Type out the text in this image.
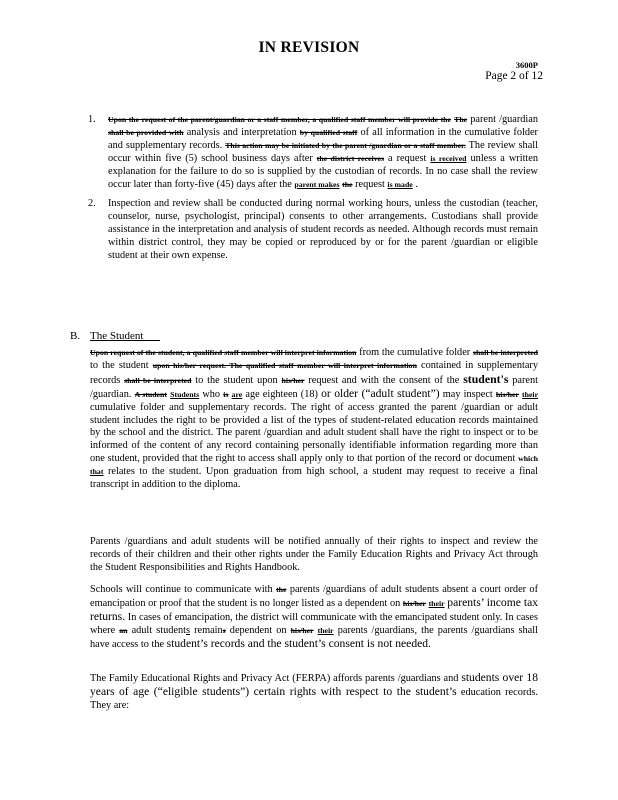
IN REVISION
3600P
Page 2 of 12
1. Upon the request of the parent/guardian or a staff member, a qualified staff member will provide the The parent /guardian shall be provided with analysis and interpretation by qualified staff of all information in the cumulative folder and supplementary records. This action may be initiated by the parent /guardian or a staff member. The review shall occur within five (5) school business days after the district receives a request is received unless a written explanation for the failure to do so is supplied by the custodian of records. In no case shall the review occur later than forty-five (45) days after the parent makes the request is made .
2. Inspection and review shall be conducted during normal working hours, unless the custodian (teacher, counselor, nurse, psychologist, principal) consents to other arrangements. Custodians shall provide assistance in the interpretation and analysis of student records as needed. Although records must remain within district control, they may be copied or reproduced by or for the parent /guardian or eligible student at their own expense.
B. The Student
Upon request of the student, a qualified staff member will interpret information from the cumulative folder shall be interpreted to the student upon his/her request. The qualified staff member will interpret information contained in supplementary records shall be interpreted to the student upon his/her request and with the consent of the student's parent /guardian. A student Students who is are age eighteen (18) or older (“adult student”) may inspect his/her their cumulative folder and supplementary records. The right of access granted the parent /guardian or adult student includes the right to be provided a list of the types of student-related education records maintained by the school and the district. The parent /guardian and adult student shall have the right to inspect or to be informed of the content of any record containing personally identifiable information regarding more than one student, provided that the right to access shall apply only to that portion of the record or document which that relates to the student. Upon graduation from high school, a student may request to receive a final transcript in addition to the diploma.
Parents /guardians and adult students will be notified annually of their rights to inspect and review the records of their children and their other rights under the Family Education Rights and Privacy Act through the Student Responsibilities and Rights Handbook.
Schools will continue to communicate with the parents /guardians of adult students absent a court order of emancipation or proof that the student is no longer listed as a dependent on his/her their parents’ income tax returns. In cases of emancipation, the district will communicate with the emancipated student only. In cases where an adult students remains dependent on his/her their parents /guardians, the parents /guardians shall have access to the student’s records and the student’s consent is not needed.
The Family Educational Rights and Privacy Act (FERPA) affords parents /guardians and students over 18 years of age (“eligible students”) certain rights with respect to the student’s education records. They are:
